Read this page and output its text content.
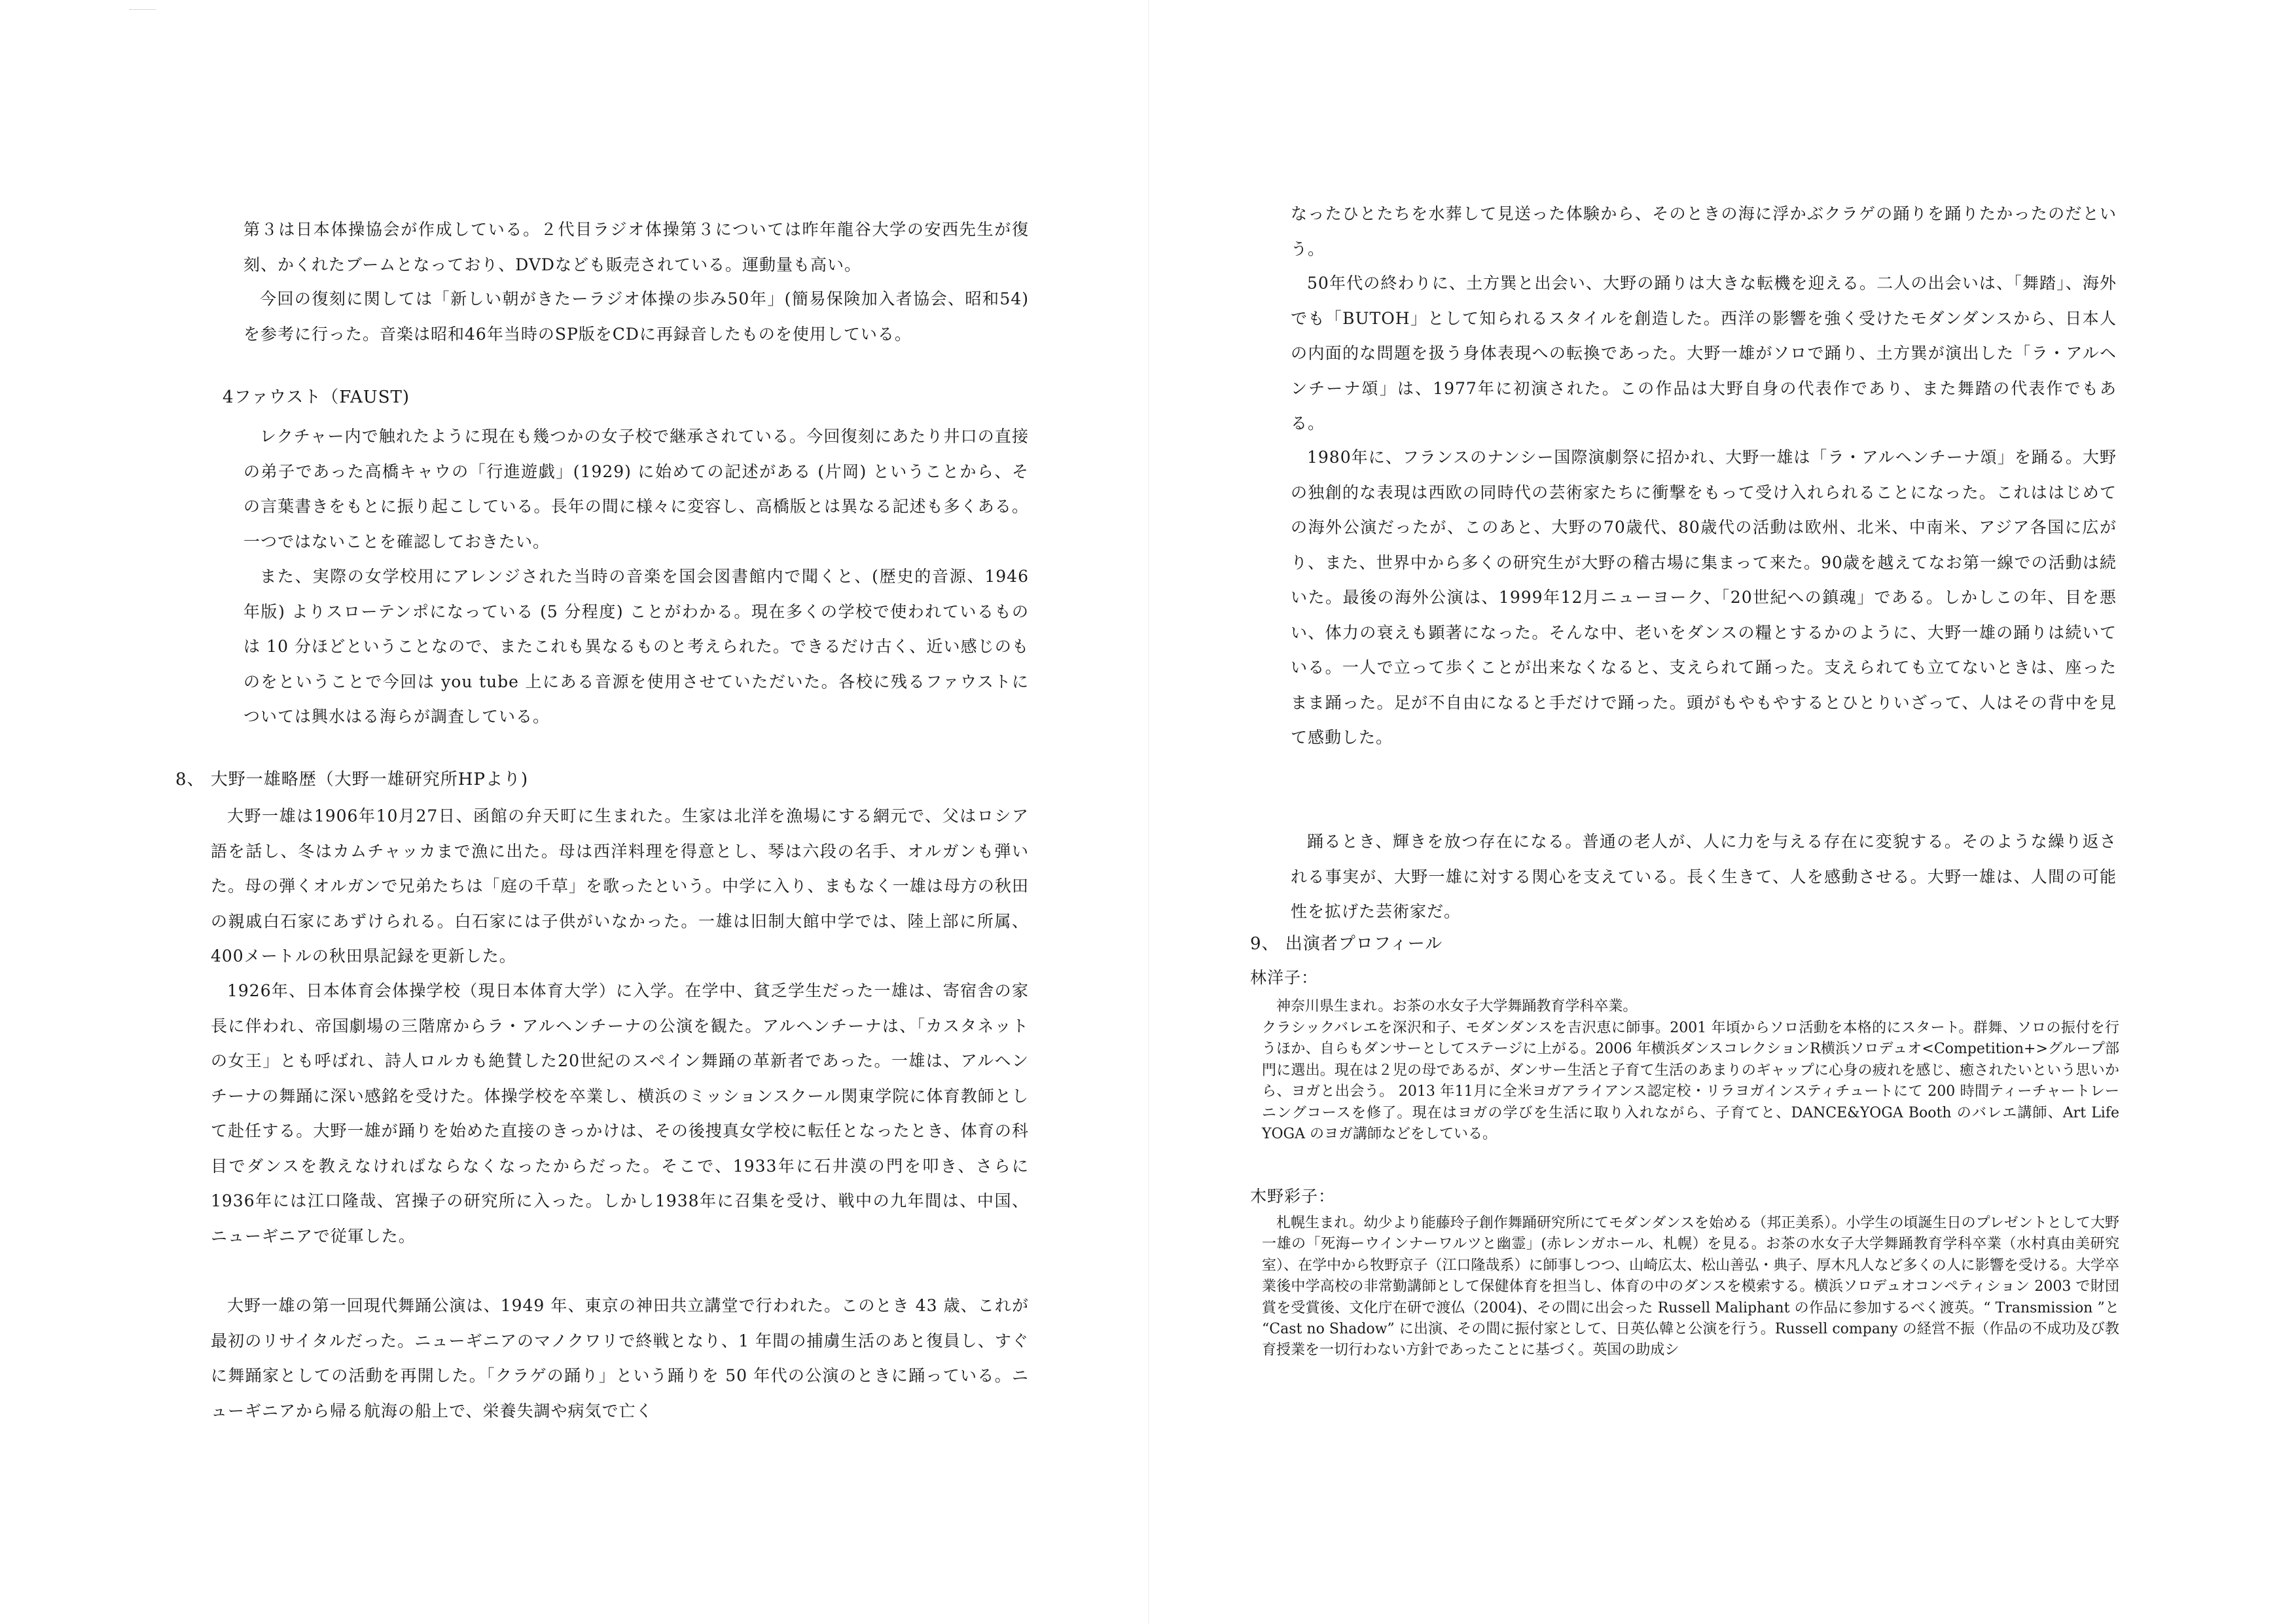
第３は日本体操協会が作成している。２代目ラジオ体操第３については昨年龍谷大学の安西先生が復刻、かくれたブームとなっており、DVDなども販売されている。運動量も高い。

今回の復刻に関しては「新しい朝がきたーラジオ体操の歩み50年」(簡易保険加入者協会、昭和54) を参考に行った。音楽は昭和46年当時のSP版をCDに再録音したものを使用している。

4ファウスト（FAUST)

レクチャー内で触れたように現在も幾つかの女子校で継承されている。今回復刻にあたり井口の直接の弟子であった高橋キャウの「行進遊戯」(1929) に始めての記述がある (片岡) ということから、その言葉書きをもとに振り起こしている。長年の間に様々に変容し、高橋版とは異なる記述も多くある。一つではないことを確認しておきたい。

また、実際の女学校用にアレンジされた当時の音楽を国会図書館内で聞くと、(歴史的音源、1946 年版) よりスローテンポになっている (5 分程度) ことがわかる。現在多くの学校で使われているものは 10 分ほどということなので、またこれも異なるものと考えられた。できるだけ古く、近い感じのものをということで今回は you tube 上にある音源を使用させていただいた。各校に残るファウストについては興水はる海らが調査している。

8、 大野一雄略歴（大野一雄研究所HPより)

大野一雄は1906年10月27日、函館の弁天町に生まれた。生家は北洋を漁場にする網元で、父はロシア語を話し、冬はカムチャッカまで漁に出た。母は西洋料理を得意とし、琴は六段の名手、オルガンも弾いた。母の弾くオルガンで兄弟たちは「庭の千草」を歌ったという。中学に入り、まもなく一雄は母方の秋田の親戚白石家にあずけられる。白石家には子供がいなかった。一雄は旧制大館中学では、陸上部に所属、400メートルの秋田県記録を更新した。

1926年、日本体育会体操学校（現日本体育大学）に入学。在学中、貧乏学生だった一雄は、寄宿舎の家長に伴われ、帝国劇場の三階席からラ・アルヘンチーナの公演を観た。アルヘンチーナは、「カスタネットの女王」とも呼ばれ、詩人ロルカも絶賛した20世紀のスペイン舞踊の革新者であった。一雄は、アルヘンチーナの舞踊に深い感銘を受けた。体操学校を卒業し、横浜のミッションスクール関東学院に体育教師として赴任する。大野一雄が踊りを始めた直接のきっかけは、その後捜真女学校に転任となったとき、体育の科目でダンスを教えなければならなくなったからだった。そこで、1933年に石井漠の門を叩き、さらに1936年には江口隆哉、宮操子の研究所に入った。しかし1938年に召集を受け、戦中の九年間は、中国、ニューギニアで従軍した。

大野一雄の第一回現代舞踊公演は、1949 年、東京の神田共立講堂で行われた。このとき 43 歳、これが最初のリサイタルだった。ニューギニアのマノクワリで終戦となり、1 年間の捕虜生活のあと復員し、すぐに舞踊家としての活動を再開した。「クラゲの踊り」という踊りを 50 年代の公演のときに踊っている。ニューギニアから帰る航海の船上で、栄養失調や病気で亡く

なったひとたちを水葬して見送った体験から、そのときの海に浮かぶクラゲの踊りを踊りたかったのだという。

50年代の終わりに、土方巽と出会い、大野の踊りは大きな転機を迎える。二人の出会いは、「舞踏」、海外でも「BUTOH」として知られるスタイルを創造した。西洋の影響を強く受けたモダンダンスから、日本人の内面的な問題を扱う身体表現への転換であった。大野一雄がソロで踊り、土方巽が演出した「ラ・アルヘンチーナ頌」は、1977年に初演された。この作品は大野自身の代表作であり、また舞踏の代表作でもある。

1980年に、フランスのナンシー国際演劇祭に招かれ、大野一雄は「ラ・アルヘンチーナ頌」を踊る。大野の独創的な表現は西欧の同時代の芸術家たちに衝撃をもって受け入れられることになった。これははじめての海外公演だったが、このあと、大野の70歳代、80歳代の活動は欧州、北米、中南米、アジア各国に広がり、また、世界中から多くの研究生が大野の稽古場に集まって来た。90歳を越えてなお第一線での活動は続いた。最後の海外公演は、1999年12月ニューヨーク、「20世紀への鎮魂」である。しかしこの年、目を悪い、体力の衰えも顕著になった。そんな中、老いをダンスの糧とするかのように、大野一雄の踊りは続いている。一人で立って歩くことが出来なくなると、支えられて踊った。支えられても立てないときは、座ったまま踊った。足が不自由になると手だけで踊った。頭がもやもやするとひとりいざって、人はその背中を見て感動した。

踊るとき、輝きを放つ存在になる。普通の老人が、人に力を与える存在に変貌する。そのような繰り返される事実が、大野一雄に対する関心を支えている。長く生きて、人を感動させる。大野一雄は、人間の可能性を拡げた芸術家だ。

9、 出演者プロフィール

林洋子：

神奈川県生まれ。お茶の水女子大学舞踊教育学科卒業。

クラシックバレエを深沢和子、モダンダンスを吉沢恵に師事。2001 年頃からソロ活動を本格的にスタート。群舞、ソロの振付を行うほか、自らもダンサーとしてステージに上がる。2006 年横浜ダンスコレクションR横浜ソロデュオ<Competition+>グループ部門に選出。現在は２児の母であるが、ダンサー生活と子育て生活のあまりのギャップに心身の疲れを感じ、癒されたいという思いから、ヨガと出会う。 2013 年11月に全米ヨガアライアンス認定校・リラヨガインスティチュートにて 200 時間ティーチャートレーニングコースを修了。現在はヨガの学びを生活に取り入れながら、子育てと、DANCE&YOGA Booth のバレエ講師、Art Life YOGA のヨガ講師などをしている。

木野彩子：

札幌生まれ。幼少より能藤玲子創作舞踊研究所にてモダンダンスを始める（邦正美系）。小学生の頃誕生日のプレゼントとして大野一雄の「死海ーウインナーワルツと幽霊」(赤レンガホール、札幌）を見る。お茶の水女子大学舞踊教育学科卒業（水村真由美研究室）、在学中から牧野京子（江口隆哉系）に師事しつつ、山崎広太、松山善弘・典子、厚木凡人など多くの人に影響を受ける。大学卒業後中学高校の非常勤講師として保健体育を担当し、体育の中のダンスを模索する。横浜ソロデュオコンペティション 2003 で財団賞を受賞後、文化庁在研で渡仏（2004)、その間に出会った Russell Maliphant の作品に参加するべく渡英。“ Transmission ”と “Cast no Shadow” に出演、その間に振付家として、日英仏韓と公演を行う。Russell company の経営不振（作品の不成功及び教育授業を一切行わない方針であったことに基づく。英国の助成シ
